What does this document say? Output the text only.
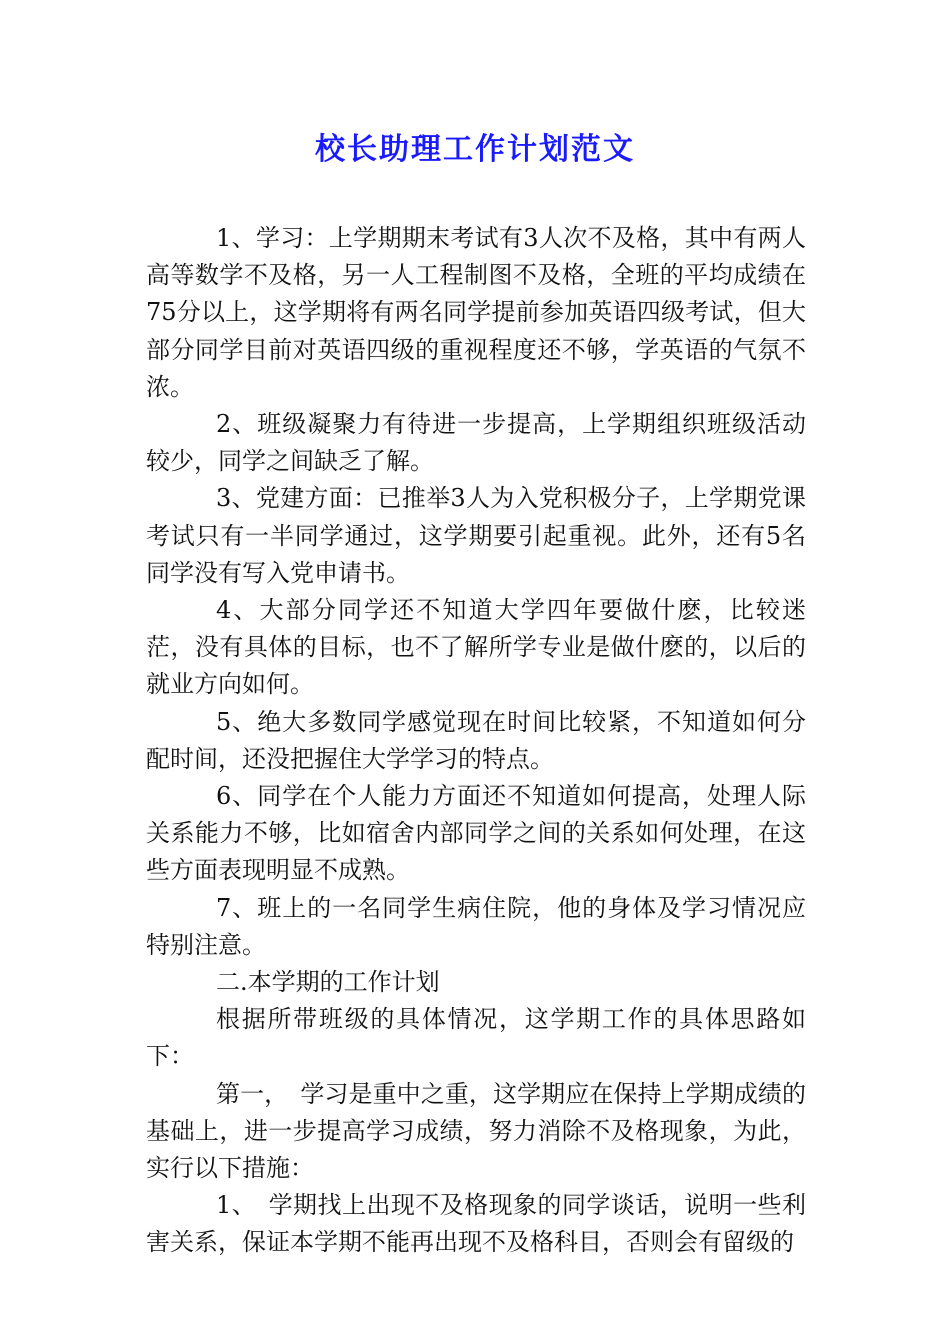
校长助理工作计划范文

1、学习：上学期期末考试有3人次不及格，其中有两人高等数学不及格，另一人工程制图不及格，全班的平均成绩在75分以上，这学期将有两名同学提前参加英语四级考试，但大部分同学目前对英语四级的重视程度还不够，学英语的气氛不浓。

2、班级凝聚力有待进一步提高，上学期组织班级活动较少，同学之间缺乏了解。

3、党建方面：已推举3人为入党积极分子，上学期党课考试只有一半同学通过，这学期要引起重视。此外，还有5名同学没有写入党申请书。

4、大部分同学还不知道大学四年要做什麽，比较迷茫，没有具体的目标，也不了解所学专业是做什麽的，以后的就业方向如何。

5、绝大多数同学感觉现在时间比较紧，不知道如何分配时间，还没把握住大学学习的特点。

6、同学在个人能力方面还不知道如何提高，处理人际关系能力不够，比如宿舍内部同学之间的关系如何处理，在这些方面表现明显不成熟。

7、班上的一名同学生病住院，他的身体及学习情况应特别注意。

二.本学期的工作计划

根据所带班级的具体情况，这学期工作的具体思路如下：

第一，　学习是重中之重，这学期应在保持上学期成绩的基础上，进一步提高学习成绩，努力消除不及格现象，为此，实行以下措施：

1、　学期找上出现不及格现象的同学谈话，说明一些利害关系，保证本学期不能再出现不及格科目，否则会有留级的
